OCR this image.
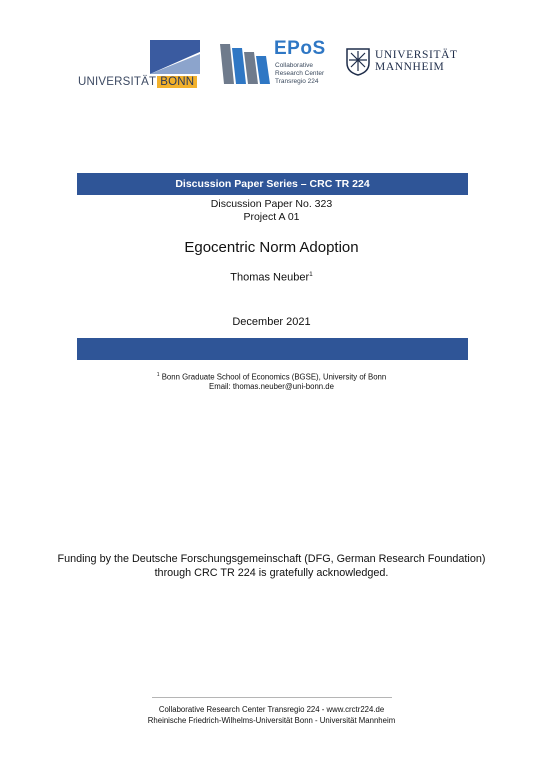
UNIVERSITÄT BONN
EPoS
Collaborative
Research Center
Transregio 224
UNIVERSITÄT
MANNHEIM
Discussion Paper Series – CRC TR 224
Discussion Paper No. 323
Project A 01
Egocentric Norm Adoption
Thomas Neuber$^1$
December 2021
$^1$ Bonn Graduate School of Economics (BGSE), University of Bonn
Email: thomas.neuber@uni-bonn.de
Funding by the Deutsche Forschungsgemeinschaft (DFG, German Research Foundation)
through CRC TR 224 is gratefully acknowledged.
Collaborative Research Center Transregio 224 - www.crctr224.de
Rheinische Friedrich-Wilhelms-Universität Bonn - Universität Mannheim
